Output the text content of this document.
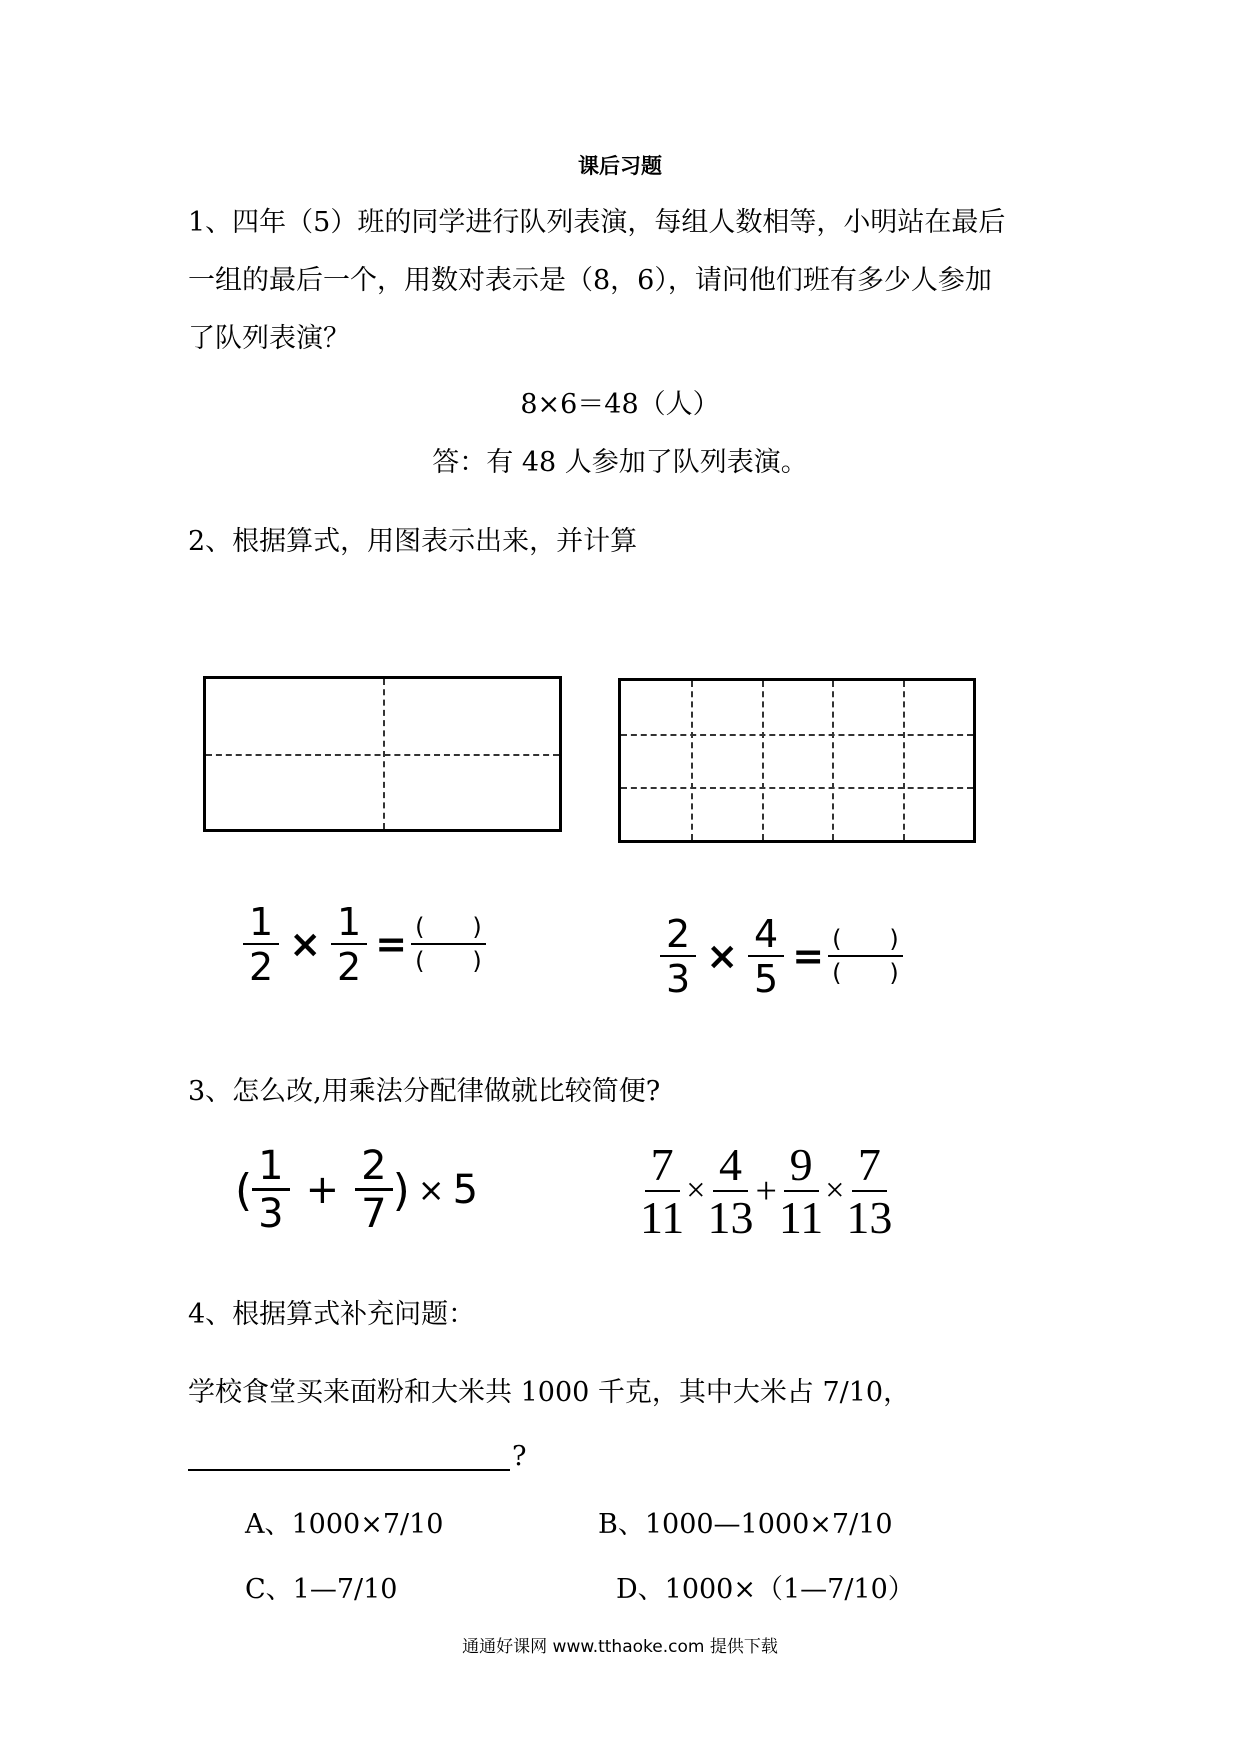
课后习题
1、四年（5）班的同学进行队列表演，每组人数相等，小明站在最后
一组的最后一个，用数对表示是（8，6），请问他们班有多少人参加
了队列表演？
8×6＝48（人）
答：有 48 人参加了队列表演。
2、根据算式，用图表示出来，并计算
$\frac{1}{2} \times \frac{1}{2} = \frac{( )}{( )}$	$\frac{2}{3} \times \frac{4}{5} = \frac{( )}{( )}$
3、怎么改,用乘法分配律做就比较简便?
( $\frac{1}{3} + \frac{2}{7}$ ) × 5	$\frac{7}{11} \times \frac{4}{13} + \frac{9}{11} \times \frac{7}{13}$
4、根据算式补充问题：
学校食堂买来面粉和大米共 1000 千克，其中大米占 7/10，
?
A、1000×7/10	B、1000—1000×7/10
C、1—7/10	D、1000×（1—7/10）
通通好课网 www.tthaoke.com 提供下载
